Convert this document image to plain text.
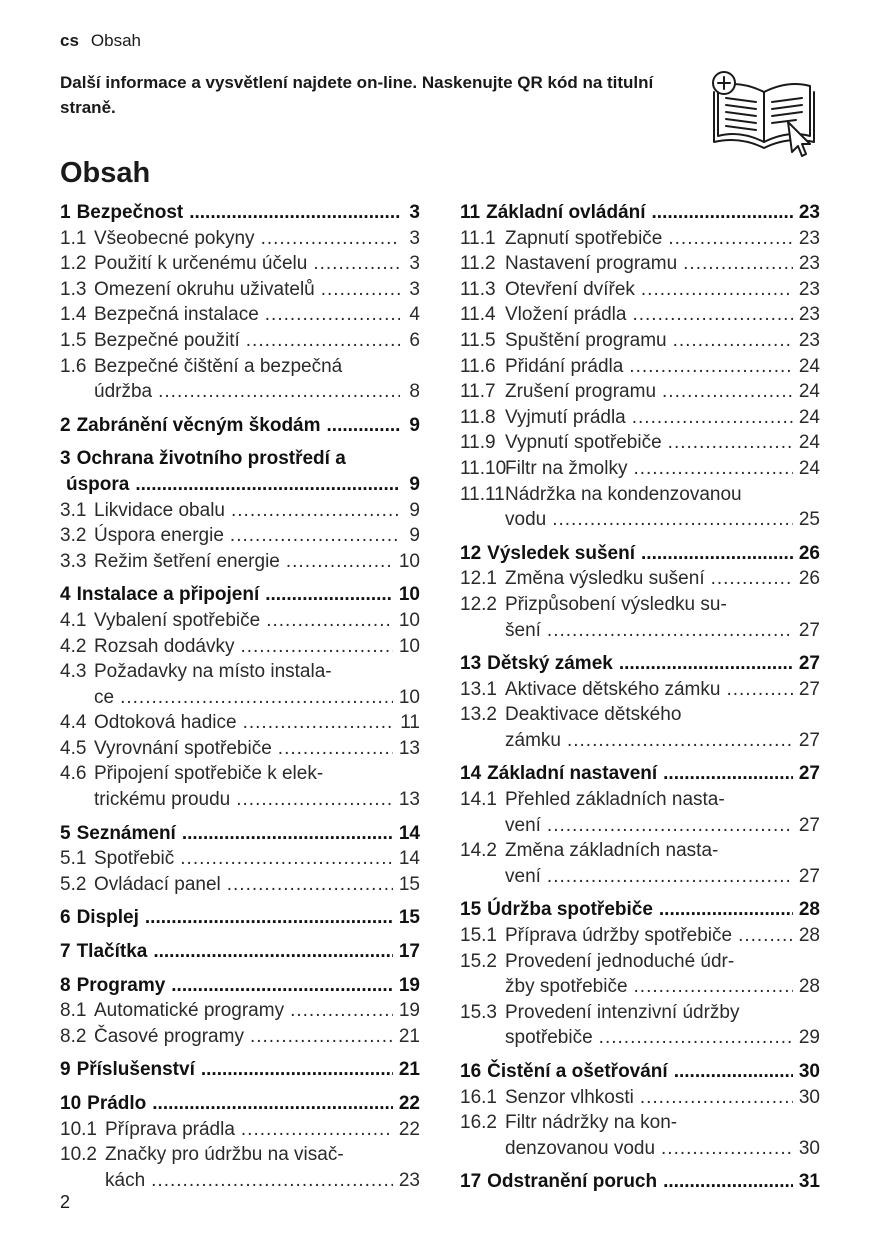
cs Obsah
Další informace a vysvětlení najdete on-line. Naskenujte QR kód na titulní straně.
Obsah
1 Bezpečnost .....	3
1.1 Všeobecné pokyny .....	3
1.2 Použití k určenému účelu .....	3
1.3 Omezení okruhu uživatelů .....	3
1.4 Bezpečná instalace .....	4
1.5 Bezpečné použití .....	6
1.6 Bezpečné čištění a bezpečná
údržba .....	8
2 Zabránění věcným škodám .....	9
3 Ochrana životního prostředí a
úspora .....	9
3.1 Likvidace obalu .....	9
3.2 Úspora energie .....	9
3.3 Režim šetření energie .....	10
4 Instalace a připojení .....	10
4.1 Vybalení spotřebiče .....	10
4.2 Rozsah dodávky .....	10
4.3 Požadavky na místo instala-
ce .....	10
4.4 Odtoková hadice .....	11
4.5 Vyrovnání spotřebiče .....	13
4.6 Připojení spotřebiče k elek-
trickému proudu .....	13
5 Seznámení .....	14
5.1 Spotřebič .....	14
5.2 Ovládací panel .....	15
6 Displej .....	15
7 Tlačítka .....	17
8 Programy .....	19
8.1 Automatické programy .....	19
8.2 Časové programy .....	21
9 Příslušenství .....	21
10 Prádlo .....	22
10.1 Příprava prádla .....	22
10.2 Značky pro údržbu na visač-
kách .....	23
11 Základní ovládání .....	23
11.1 Zapnutí spotřebiče .....	23
11.2 Nastavení programu .....	23
11.3 Otevření dvířek .....	23
11.4 Vložení prádla .....	23
11.5 Spuštění programu .....	23
11.6 Přidání prádla .....	24
11.7 Zrušení programu .....	24
11.8 Vyjmutí prádla .....	24
11.9 Vypnutí spotřebiče .....	24
11.10
Filtr na žmolky .....	24
11.11 Nádržka na kondenzovanou
vodu .....	25
12 Výsledek sušení .....	26
12.1 Změna výsledku sušení .....	26
12.2 Přizpůsobení výsledku su-
šení .....	27
13 Dětský zámek .....	27
13.1 Aktivace dětského zámku .....	27
13.2 Deaktivace dětského
zámku .....	27
14 Základní nastavení .....	27
14.1 Přehled základních nasta-
vení .....	27
14.2 Změna základních nasta-
vení .....	27
15 Údržba spotřebiče .....	28
15.1 Příprava údržby spotřebiče .....	28
15.2 Provedení jednoduché údr-
žby spotřebiče .....	28
15.3 Provedení intenzivní údržby
spotřebiče .....	29
16 Čistění a ošetřování .....	30
16.1 Senzor vlhkosti .....	30
16.2 Filtr nádržky na kon-
denzovanou vodu .....	30
17 Odstranění poruch .....	31
2
